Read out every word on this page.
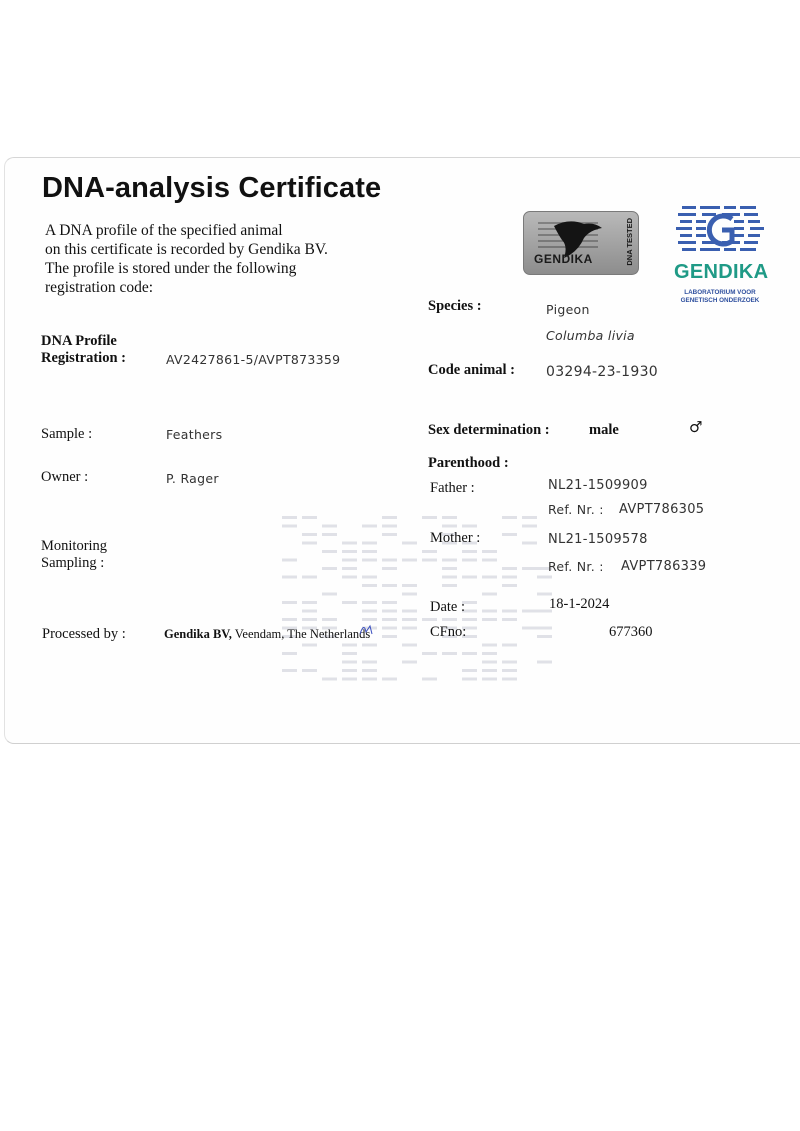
DNA-analysis Certificate
A DNA profile of the specified animal
on this certificate is recorded by Gendika BV.
The profile is stored under the following
registration code:
GENDIKA	DNA TESTED
GENDIKA
LABORATORIUM VOOR
GENETISCH ONDERZOEK
DNA Profile
Registration :	AV2427861-5/AVPT873359
Sample :	Feathers
Owner :	P. Rager
Monitoring
Sampling :
Processed by :	Gendika BV, Veendam, The Netherlands
Species :	Pigeon
Columba livia
Code animal : 03294-23-1930
Sex determination :	male	♂
Parenthood :
Father :	NL21-1509909
Ref. Nr. : AVPT786305
Mother :	NL21-1509578
Ref. Nr. : AVPT786339
Date :	18-1-2024
CFno:	677360
